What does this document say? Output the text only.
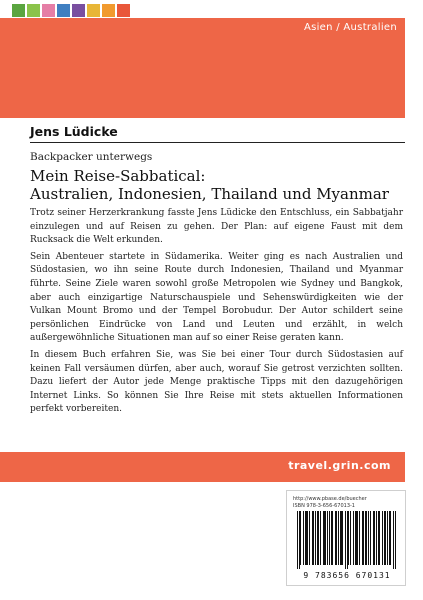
Asien / Australien
Jens Lüdicke
Backpacker unterwegs
Mein Reise-Sabbatical:
Australien, Indonesien, Thailand und Myanmar

Trotz seiner Herzerkrankung fasste Jens Lüdicke den Entschluss, ein Sabbatjahr einzulegen und auf Reisen zu gehen. Der Plan: auf eigene Faust mit dem Rucksack die Welt erkunden.

Sein Abenteuer startete in Südamerika. Weiter ging es nach Australien und Südostasien, wo ihn seine Route durch Indonesien, Thailand und Myanmar führte. Seine Ziele waren sowohl große Metropolen wie Sydney und Bangkok, aber auch einzigartige Naturschauspiele und Sehenswürdigkeiten wie der Vulkan Mount Bromo und der Tempel Borobudur. Der Autor schildert seine persönlichen Eindrücke von Land und Leuten und erzählt, in welch außergewöhnliche Situationen man auf so einer Reise geraten kann.

In diesem Buch erfahren Sie, was Sie bei einer Tour durch Südostasien auf keinen Fall versäumen dürfen, aber auch, worauf Sie getrost verzichten sollten. Dazu liefert der Autor jede Menge praktische Tipps mit den dazugehörigen Internet Links. So können Sie Ihre Reise mit stets aktuellen Informationen perfekt vorbereiten.

travel.grin.com
http://www.pbase.de/buecher
ISBN 978-3-656-67013-1
9 783656 670131
